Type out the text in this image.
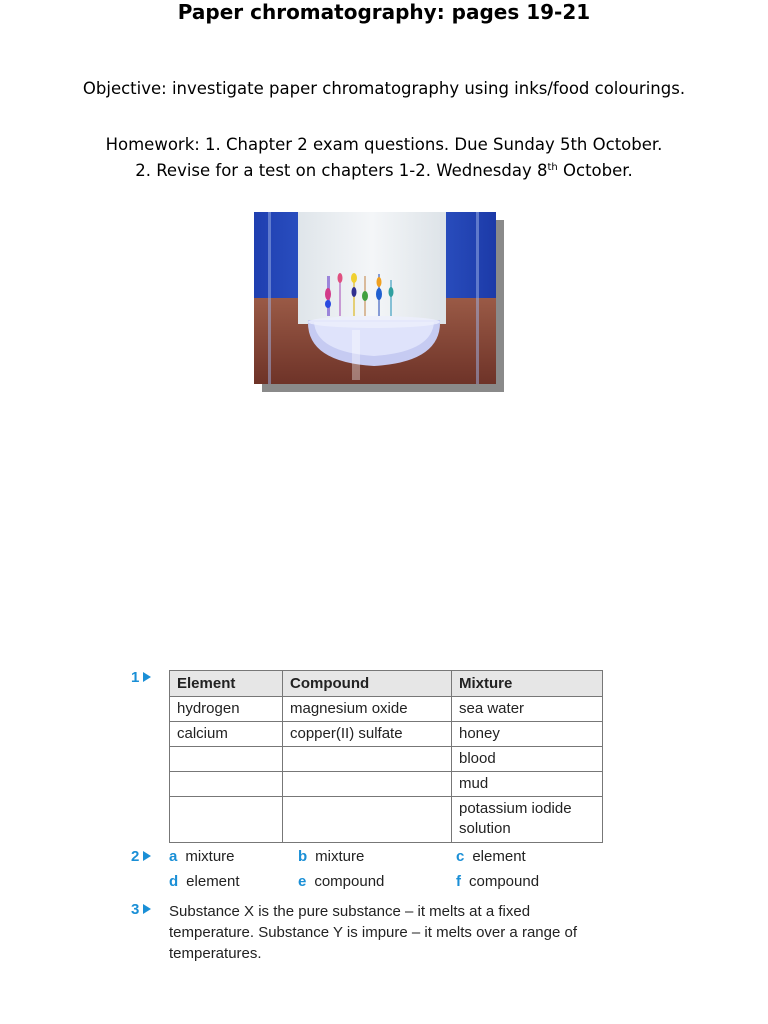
Paper chromatography: pages 19-21
Objective: investigate paper chromatography using inks/food colourings.
Homework: 1. Chapter 2 exam questions. Due Sunday 5th October.
2. Revise for a test on chapters 1-2. Wednesday 8th October.
1	Element	Compound	Mixture
hydrogen	magnesium oxide	sea water
calcium	copper(II) sulfate	honey
		blood
		mud
		potassium iodide solution
2	a mixture	b mixture	c element
d element	e compound	f compound
3	Substance X is the pure substance – it melts at a fixed temperature. Substance Y is impure – it melts over a range of temperatures.
